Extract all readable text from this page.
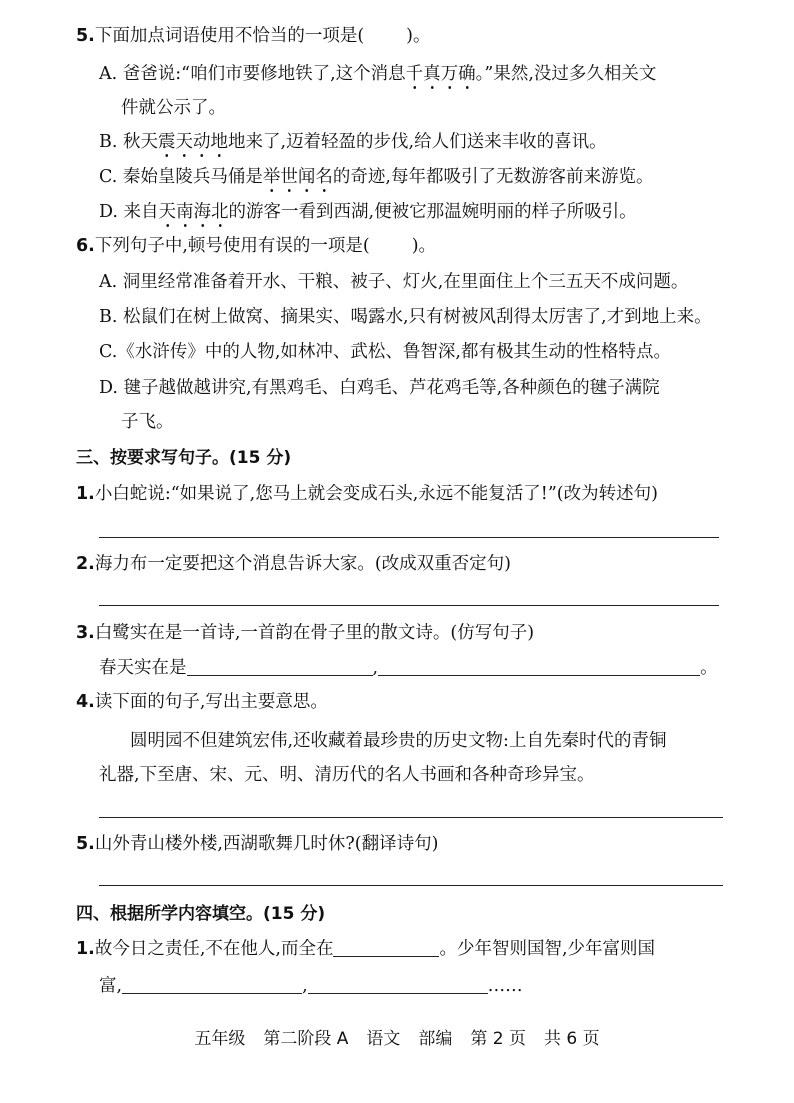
5.下面加点词语使用不恰当的一项是( )。
A. 爸爸说:“咱们市要修地铁了,这个消息千真万确。”果然,没过多久相关文
件就公示了。
B. 秋天震天动地地来了,迈着轻盈的步伐,给人们送来丰收的喜讯。
C. 秦始皇陵兵马俑是举世闻名的奇迹,每年都吸引了无数游客前来游览。
D. 来自天南海北的游客一看到西湖,便被它那温婉明丽的样子所吸引。
6.下列句子中,顿号使用有误的一项是( )。
A. 洞里经常准备着开水、干粮、被子、灯火,在里面住上个三五天不成问题。
B. 松鼠们在树上做窝、摘果实、喝露水,只有树被风刮得太厉害了,才到地上来。
C.《水浒传》中的人物,如林冲、武松、鲁智深,都有极其生动的性格特点。
D. 毽子越做越讲究,有黑鸡毛、白鸡毛、芦花鸡毛等,各种颜色的毽子满院
子飞。
三、按要求写句子。(15 分)
1.小白蛇说:“如果说了,您马上就会变成石头,永远不能复活了!”(改为转述句)
2.海力布一定要把这个消息告诉大家。(改成双重否定句)
3.白鹭实在是一首诗,一首韵在骨子里的散文诗。(仿写句子)
春天实在是	,	。
4.读下面的句子,写出主要意思。
圆明园不但建筑宏伟,还收藏着最珍贵的历史文物:上自先秦时代的青铜
礼器,下至唐、宋、元、明、清历代的名人书画和各种奇珍异宝。
5.山外青山楼外楼,西湖歌舞几时休?(翻译诗句)
四、根据所学内容填空。(15 分)
1.故今日之责任,不在他人,而全在	。少年智则国智,少年富则国
富,	,	……
五年级 第二阶段 A 语文 部编 第 2 页 共 6 页
